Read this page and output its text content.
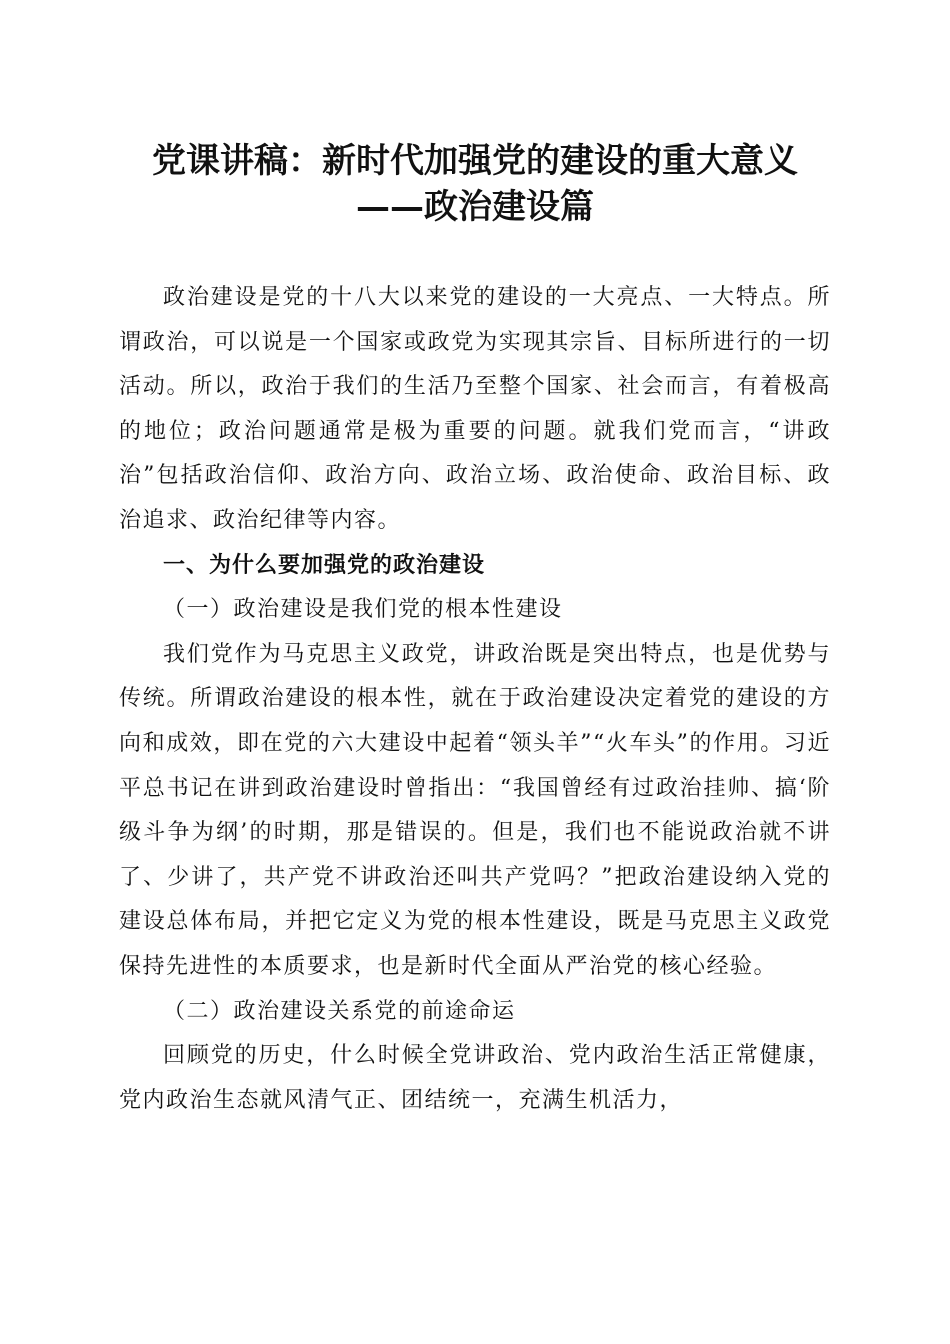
党课讲稿：新时代加强党的建设的重大意义
——政治建设篇

政治建设是党的十八大以来党的建设的一大亮点、一大特点。所谓政治，可以说是一个国家或政党为实现其宗旨、目标所进行的一切活动。所以，政治于我们的生活乃至整个国家、社会而言，有着极高的地位；政治问题通常是极为重要的问题。就我们党而言，“讲政治”包括政治信仰、政治方向、政治立场、政治使命、政治目标、政治追求、政治纪律等内容。

一、为什么要加强党的政治建设

（一）政治建设是我们党的根本性建设

我们党作为马克思主义政党，讲政治既是突出特点，也是优势与传统。所谓政治建设的根本性，就在于政治建设决定着党的建设的方向和成效，即在党的六大建设中起着“领头羊”“火车头”的作用。习近平总书记在讲到政治建设时曾指出：“我国曾经有过政治挂帅、搞‘阶级斗争为纲’的时期，那是错误的。但是，我们也不能说政治就不讲了、少讲了，共产党不讲政治还叫共产党吗？”把政治建设纳入党的建设总体布局，并把它定义为党的根本性建设，既是马克思主义政党保持先进性的本质要求，也是新时代全面从严治党的核心经验。

（二）政治建设关系党的前途命运

回顾党的历史，什么时候全党讲政治、党内政治生活正常健康，党内政治生态就风清气正、团结统一，充满生机活力，
